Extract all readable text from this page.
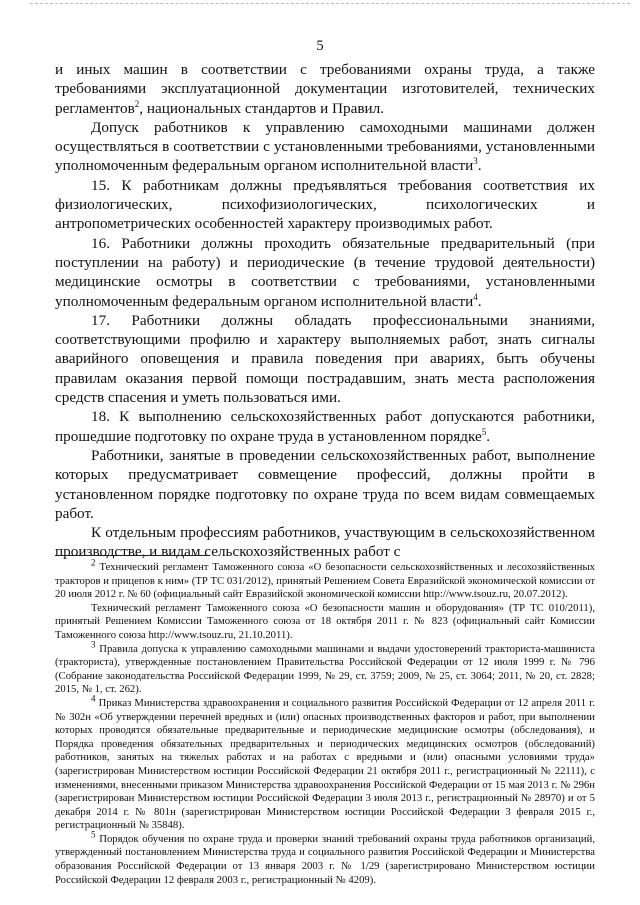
5

и иных машин в соответствии с требованиями охраны труда, а также требованиями эксплуатационной документации изготовителей, технических регламентов$^2$, национальных стандартов и Правил.

Допуск работников к управлению самоходными машинами должен осуществляться в соответствии с установленными требованиями, установленными уполномоченным федеральным органом исполнительной власти$^3$.

15. К работникам должны предъявляться требования соответствия их физиологических, психофизиологических, психологических и антропометрических особенностей характеру производимых работ.

16. Работники должны проходить обязательные предварительный (при поступлении на работу) и периодические (в течение трудовой деятельности) медицинские осмотры в соответствии с требованиями, установленными уполномоченным федеральным органом исполнительной власти$^4$.

17. Работники должны обладать профессиональными знаниями, соответствующими профилю и характеру выполняемых работ, знать сигналы аварийного оповещения и правила поведения при авариях, быть обучены правилам оказания первой помощи пострадавшим, знать места расположения средств спасения и уметь пользоваться ими.

18. К выполнению сельскохозяйственных работ допускаются работники, прошедшие подготовку по охране труда в установленном порядке$^5$.

Работники, занятые в проведении сельскохозяйственных работ, выполнение которых предусматривает совмещение профессий, должны пройти в установленном порядке подготовку по охране труда по всем видам совмещаемых работ.

К отдельным профессиям работников, участвующим в сельскохозяйственном производстве, и видам сельскохозяйственных работ с

$^2$ Технический регламент Таможенного союза «О безопасности сельскохозяйственных и лесохозяйственных тракторов и прицепов к ним» (ТР ТС 031/2012), принятый Решением Совета Евразийской экономической комиссии от 20 июля 2012 г. № 60 (официальный сайт Евразийской экономической комиссии http://www.tsouz.ru, 20.07.2012).

Технический регламент Таможенного союза «О безопасности машин и оборудования» (ТР ТС 010/2011), принятый Решением Комиссии Таможенного союза от 18 октября 2011 г. № 823 (официальный сайт Комиссии Таможенного союза http://www.tsouz.ru, 21.10.2011).

$^3$ Правила допуска к управлению самоходными машинами и выдачи удостоверений тракториста-машиниста (тракториста), утвержденные постановлением Правительства Российской Федерации от 12 июля 1999 г. № 796 (Собрание законодательства Российской Федерации 1999, № 29, ст. 3759; 2009, № 25, ст. 3064; 2011, № 20, ст. 2828; 2015, № 1, ст. 262).

$^4$ Приказ Министерства здравоохранения и социального развития Российской Федерации от 12 апреля 2011 г. № 302н «Об утверждении перечней вредных и (или) опасных производственных факторов и работ, при выполнении которых проводятся обязательные предварительные и периодические медицинские осмотры (обследования), и Порядка проведения обязательных предварительных и периодических медицинских осмотров (обследований) работников, занятых на тяжелых работах и на работах с вредными и (или) опасными условиями труда» (зарегистрирован Министерством юстиции Российской Федерации 21 октября 2011 г., регистрационный № 22111), с изменениями, внесенными приказом Министерства здравоохранения Российской Федерации от 15 мая 2013 г. № 296н (зарегистрирован Министерством юстиции Российской Федерации 3 июля 2013 г., регистрационный № 28970) и от 5 декабря 2014 г. № 801н (зарегистрирован Министерством юстиции Российской Федерации 3 февраля 2015 г., регистрационный № 35848).

$^5$ Порядок обучения по охране труда и проверки знаний требований охраны труда работников организаций, утвержденный постановлением Министерства труда и социального развития Российской Федерации и Министерства образования Российской Федерации от 13 января 2003 г. № 1/29 (зарегистрировано Министерством юстиции Российской Федерации 12 февраля 2003 г., регистрационный № 4209).
